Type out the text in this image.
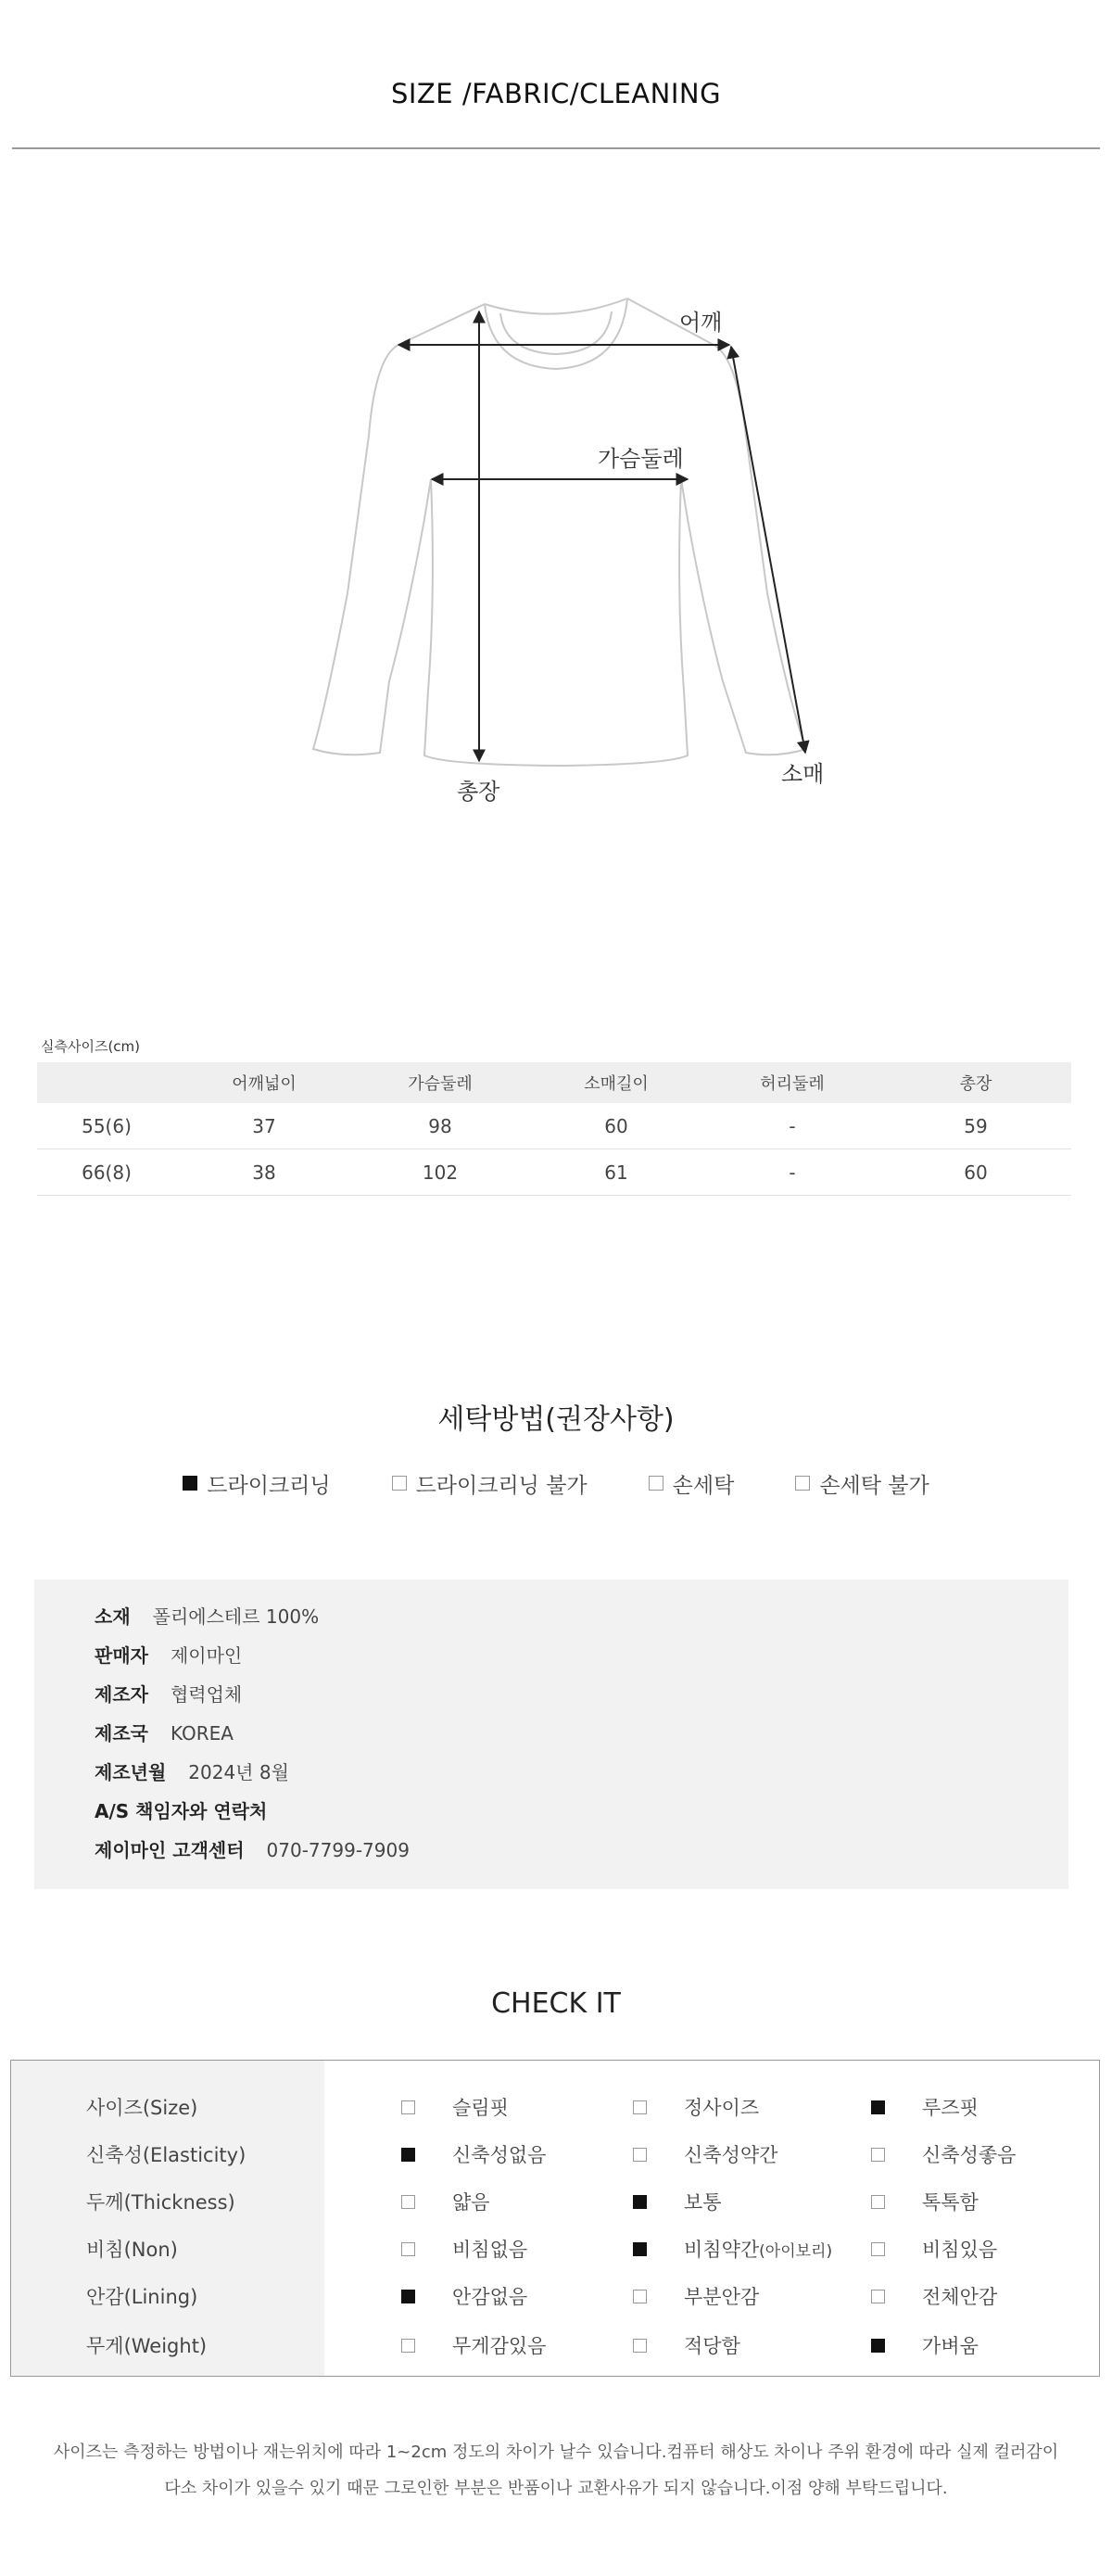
SIZE /FABRIC/CLEANING
어깨
가슴둘레
총장
소매
실측사이즈(cm)
	어깨넓이	가슴둘레	소매길이	허리둘레	총장
55(6)	37	98	60	-	59
66(8)	38	102	61	-	60
세탁방법(권장사항)
드라이크리닝	드라이크리닝 불가	손세탁	손세탁 불가
소재 폴리에스테르 100%
판매자 제이마인
제조자 협력업체
제조국 KOREA
제조년월 2024년 8월
A/S 책임자와 연락처
제이마인 고객센터 070-7799-7909
CHECK IT
사이즈(Size)	슬림핏	정사이즈	루즈핏
신축성(Elasticity)	신축성없음	신축성약간	신축성좋음
두께(Thickness)	얇음	보통	톡톡함
비침(Non)	비침없음	비침약간 (아이보리)	비침있음
안감(Lining)	안감없음	부분안감	전체안감
무게(Weight)	무게감있음	적당함	가벼움
사이즈는 측정하는 방법이나 재는위치에 따라 1~2cm 정도의 차이가 날수 있습니다.컴퓨터 해상도 차이나 주위 환경에 따라 실제 컬러감이
다소 차이가 있을수 있기 때문 그로인한 부분은 반품이나 교환사유가 되지 않습니다.이점 양해 부탁드립니다.
